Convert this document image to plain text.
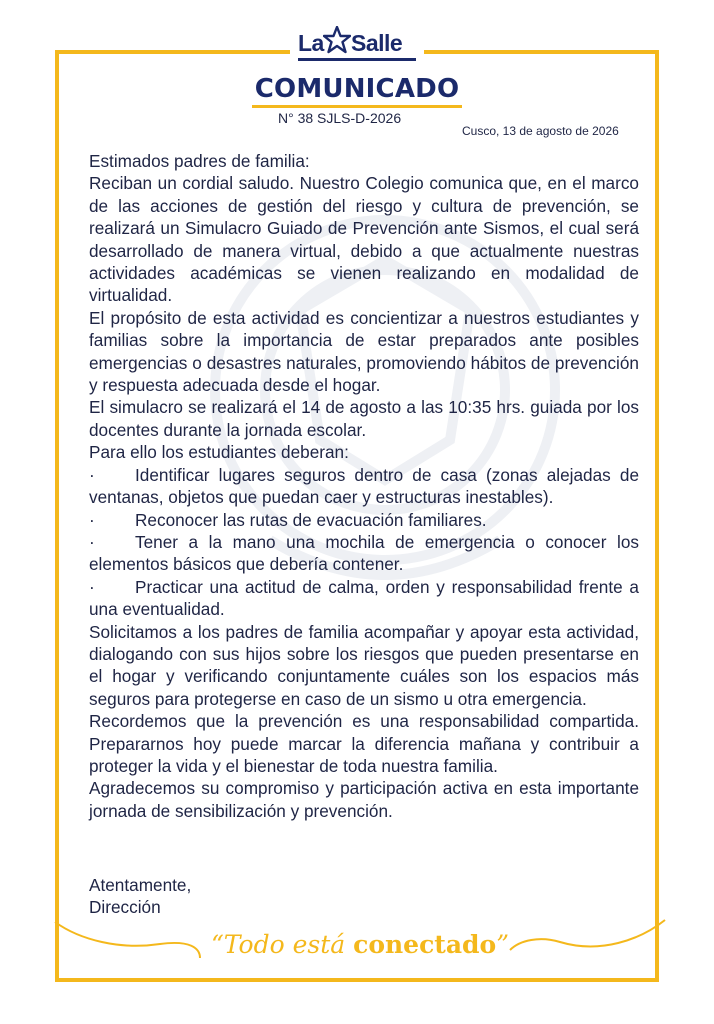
La Salle
COMUNICADO
N° 38 SJLS-D-2026
Cusco, 13 de agosto de 2026

Estimados padres de familia:

Reciban un cordial saludo. Nuestro Colegio comunica que, en el marco de las acciones de gestión del riesgo y cultura de prevención, se realizará un Simulacro Guiado de Prevención ante Sismos, el cual será desarrollado de manera virtual, debido a que actualmente nuestras actividades académicas se vienen realizando en modalidad de virtualidad.

El propósito de esta actividad es concientizar a nuestros estudiantes y familias sobre la importancia de estar preparados ante posibles emergencias o desastres naturales, promoviendo hábitos de prevención y respuesta adecuada desde el hogar.

El simulacro se realizará el 14 de agosto a las 10:35 hrs. guiada por los docentes durante la jornada escolar.

Para ello los estudiantes deberan:

· Identificar lugares seguros dentro de casa (zonas alejadas de ventanas, objetos que puedan caer y estructuras inestables).

· Reconocer las rutas de evacuación familiares.

· Tener a la mano una mochila de emergencia o conocer los elementos básicos que debería contener.

· Practicar una actitud de calma, orden y responsabilidad frente a una eventualidad.

Solicitamos a los padres de familia acompañar y apoyar esta actividad, dialogando con sus hijos sobre los riesgos que pueden presentarse en el hogar y verificando conjuntamente cuáles son los espacios más seguros para protegerse en caso de un sismo u otra emergencia.

Recordemos que la prevención es una responsabilidad compartida. Prepararnos hoy puede marcar la diferencia mañana y contribuir a proteger la vida y el bienestar de toda nuestra familia.

Agradecemos su compromiso y participación activa en esta importante jornada de sensibilización y prevención.

Atentamente,

Dirección

“Todo está conectado”
